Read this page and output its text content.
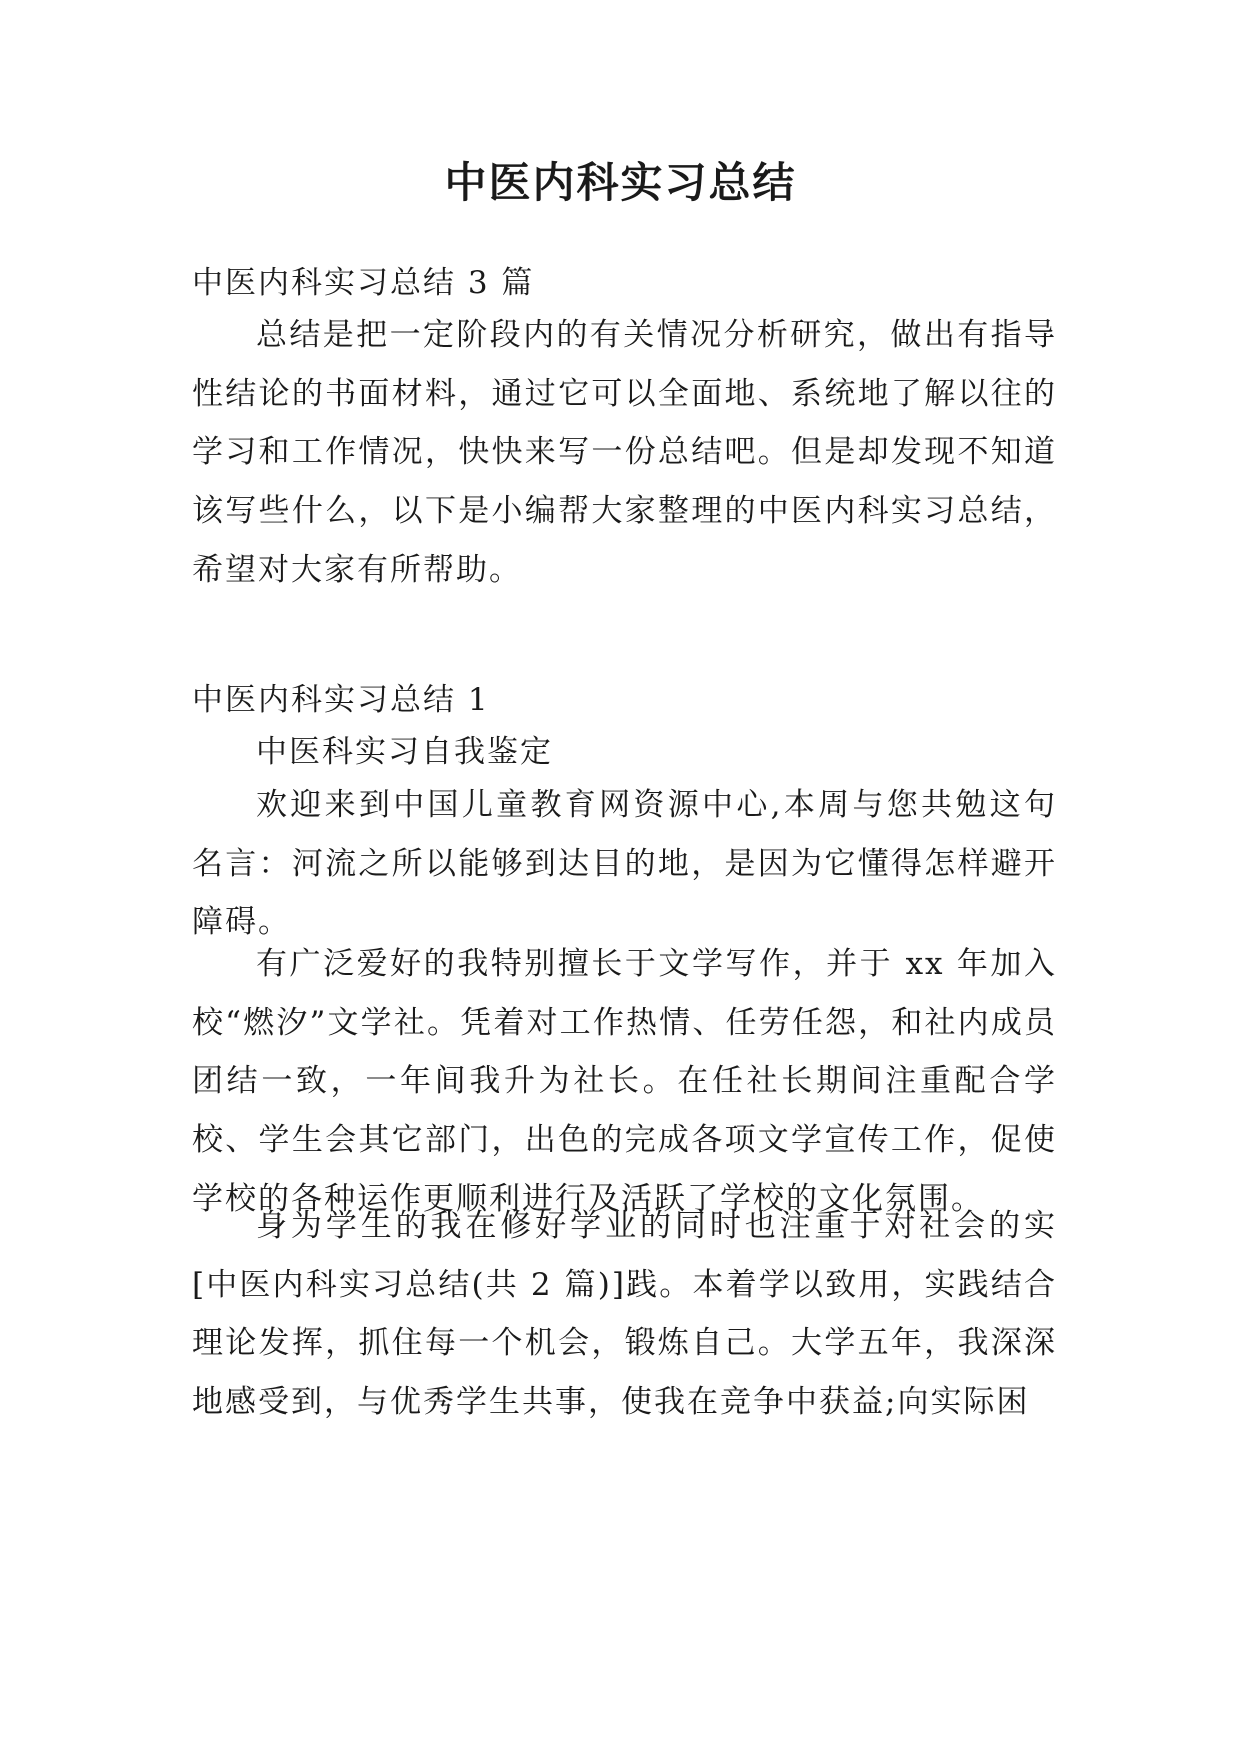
中医内科实习总结

中医内科实习总结 3 篇

总结是把一定阶段内的有关情况分析研究，做出有指导性结论的书面材料，通过它可以全面地、系统地了解以往的学习和工作情况，快快来写一份总结吧。但是却发现不知道该写些什么，以下是小编帮大家整理的中医内科实习总结，希望对大家有所帮助。

中医内科实习总结 1

中医科实习自我鉴定

欢迎来到中国儿童教育网资源中心,本周与您共勉这句名言：河流之所以能够到达目的地，是因为它懂得怎样避开障碍。

有广泛爱好的我特别擅长于文学写作，并于 xx 年加入校“燃汐”文学社。凭着对工作热情、任劳任怨，和社内成员团结一致，一年间我升为社长。在任社长期间注重配合学校、学生会其它部门，出色的完成各项文学宣传工作，促使学校的各种运作更顺利进行及活跃了学校的文化氛围。

身为学生的我在修好学业的同时也注重于对社会的实[中医内科实习总结(共 2 篇)]践。本着学以致用，实践结合理论发挥，抓住每一个机会，锻炼自己。大学五年，我深深地感受到，与优秀学生共事，使我在竞争中获益;向实际困
